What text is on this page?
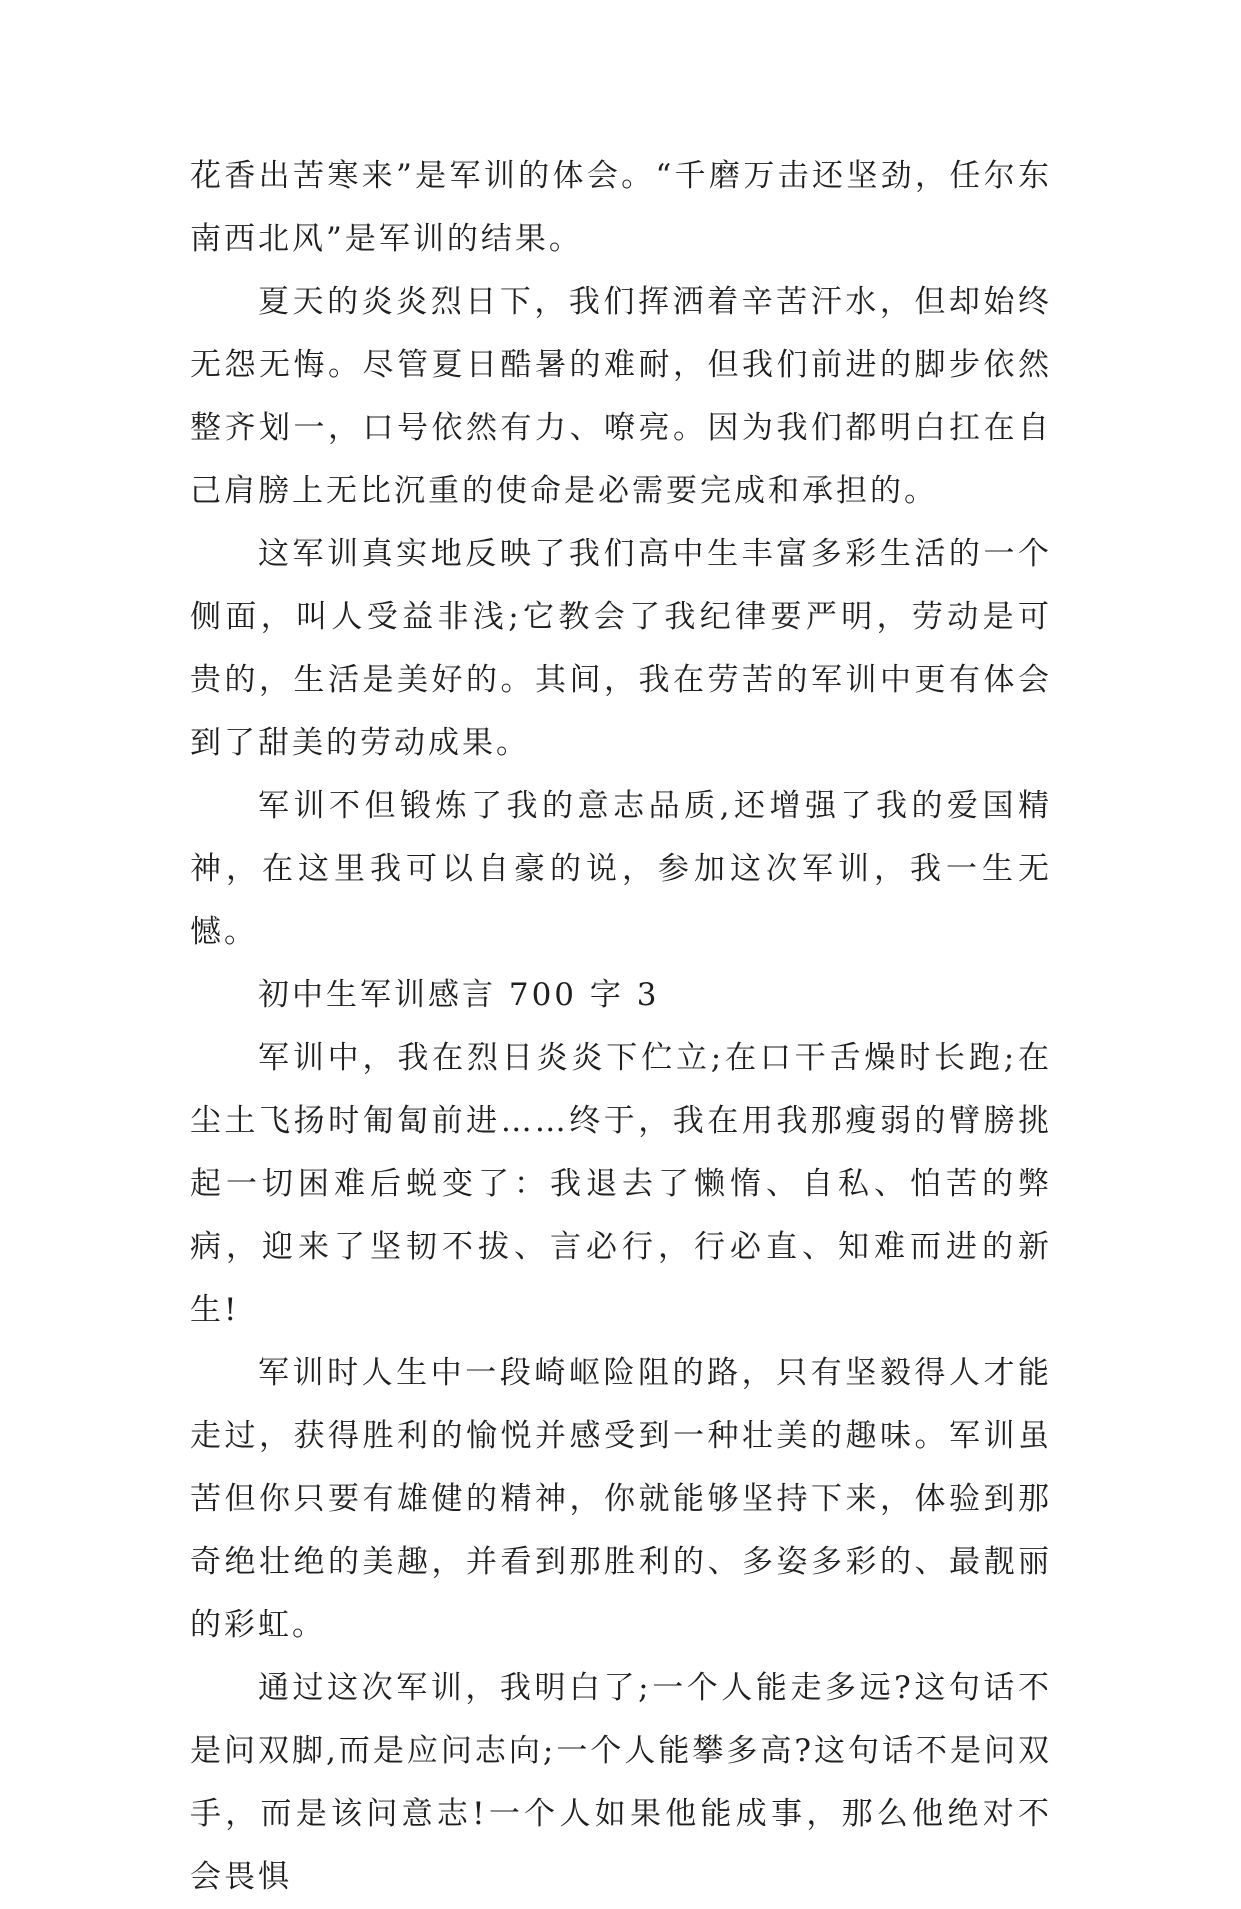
花香出苦寒来”是军训的体会。“千磨万击还坚劲，任尔东南西北风”是军训的结果。

夏天的炎炎烈日下，我们挥洒着辛苦汗水，但却始终无怨无悔。尽管夏日酷暑的难耐，但我们前进的脚步依然整齐划一，口号依然有力、嘹亮。因为我们都明白扛在自己肩膀上无比沉重的使命是必需要完成和承担的。

这军训真实地反映了我们高中生丰富多彩生活的一个侧面，叫人受益非浅;它教会了我纪律要严明，劳动是可贵的，生活是美好的。其间，我在劳苦的军训中更有体会到了甜美的劳动成果。

军训不但锻炼了我的意志品质,还增强了我的爱国精神，在这里我可以自豪的说，参加这次军训，我一生无憾。

初中生军训感言 700 字 3

军训中，我在烈日炎炎下伫立;在口干舌燥时长跑;在尘土飞扬时匍匐前进……终于，我在用我那瘦弱的臂膀挑起一切困难后蜕变了：我退去了懒惰、自私、怕苦的弊病，迎来了坚韧不拔、言必行，行必直、知难而进的新生!

军训时人生中一段崎岖险阻的路，只有坚毅得人才能走过，获得胜利的愉悦并感受到一种壮美的趣味。军训虽苦但你只要有雄健的精神，你就能够坚持下来，体验到那奇绝壮绝的美趣，并看到那胜利的、多姿多彩的、最靓丽的彩虹。

通过这次军训，我明白了;一个人能走多远?这句话不是问双脚,而是应问志向;一个人能攀多高?这句话不是问双手，而是该问意志!一个人如果他能成事，那么他绝对不会畏惧
